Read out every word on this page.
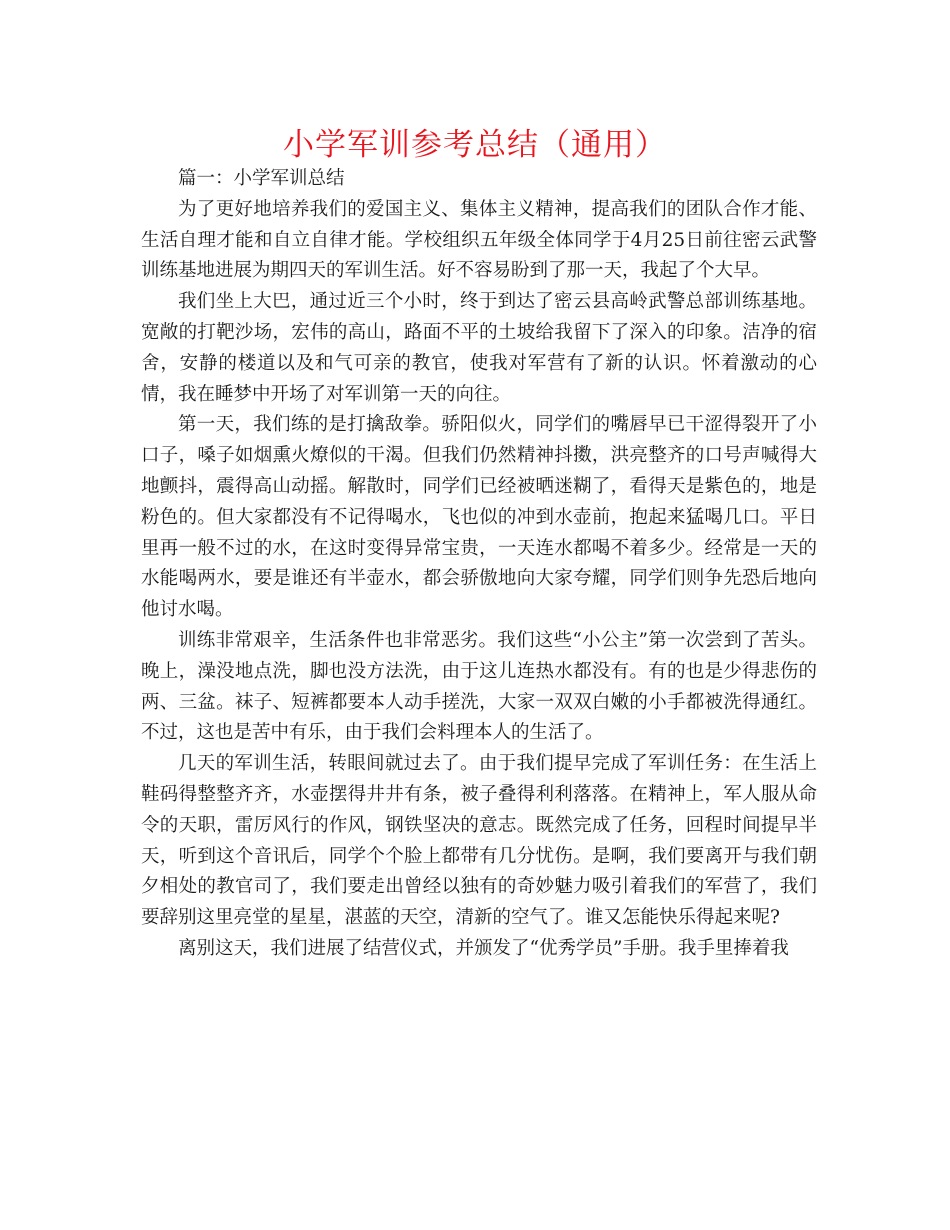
小学军训参考总结（通用）

篇一：小学军训总结

为了更好地培养我们的爱国主义、集体主义精神，提高我们的团队合作才能、生活自理才能和自立自律才能。学校组织五年级全体同学于4月25日前往密云武警训练基地进展为期四天的军训生活。好不容易盼到了那一天，我起了个大早。

我们坐上大巴，通过近三个小时，终于到达了密云县高岭武警总部训练基地。宽敞的打靶沙场，宏伟的高山，路面不平的土坡给我留下了深入的印象。洁净的宿舍，安静的楼道以及和气可亲的教官，使我对军营有了新的认识。怀着激动的心情，我在睡梦中开场了对军训第一天的向往。

第一天，我们练的是打擒敌拳。骄阳似火，同学们的嘴唇早已干涩得裂开了小口子，嗓子如烟熏火燎似的干渴。但我们仍然精神抖擞，洪亮整齐的口号声喊得大地颤抖，震得高山动摇。解散时，同学们已经被晒迷糊了，看得天是紫色的，地是粉色的。但大家都没有不记得喝水，飞也似的冲到水壶前，抱起来猛喝几口。平日里再一般不过的水，在这时变得异常宝贵，一天连水都喝不着多少。经常是一天的水能喝两水，要是谁还有半壶水，都会骄傲地向大家夸耀，同学们则争先恐后地向他讨水喝。

训练非常艰辛，生活条件也非常恶劣。我们这些“小公主”第一次尝到了苦头。晚上，澡没地点洗，脚也没方法洗，由于这儿连热水都没有。有的也是少得悲伤的两、三盆。袜子、短裤都要本人动手搓洗，大家一双双白嫩的小手都被洗得通红。不过，这也是苦中有乐，由于我们会料理本人的生活了。

几天的军训生活，转眼间就过去了。由于我们提早完成了军训任务：在生活上鞋码得整整齐齐，水壶摆得井井有条，被子叠得利利落落。在精神上，军人服从命令的天职，雷厉风行的作风，钢铁坚决的意志。既然完成了任务，回程时间提早半天，听到这个音讯后，同学个个脸上都带有几分忧伤。是啊，我们要离开与我们朝夕相处的教官司了，我们要走出曾经以独有的奇妙魅力吸引着我们的军营了，我们要辞别这里亮堂的星星，湛蓝的天空，清新的空气了。谁又怎能快乐得起来呢?

离别这天，我们进展了结营仪式，并颁发了“优秀学员”手册。我手里捧着我
